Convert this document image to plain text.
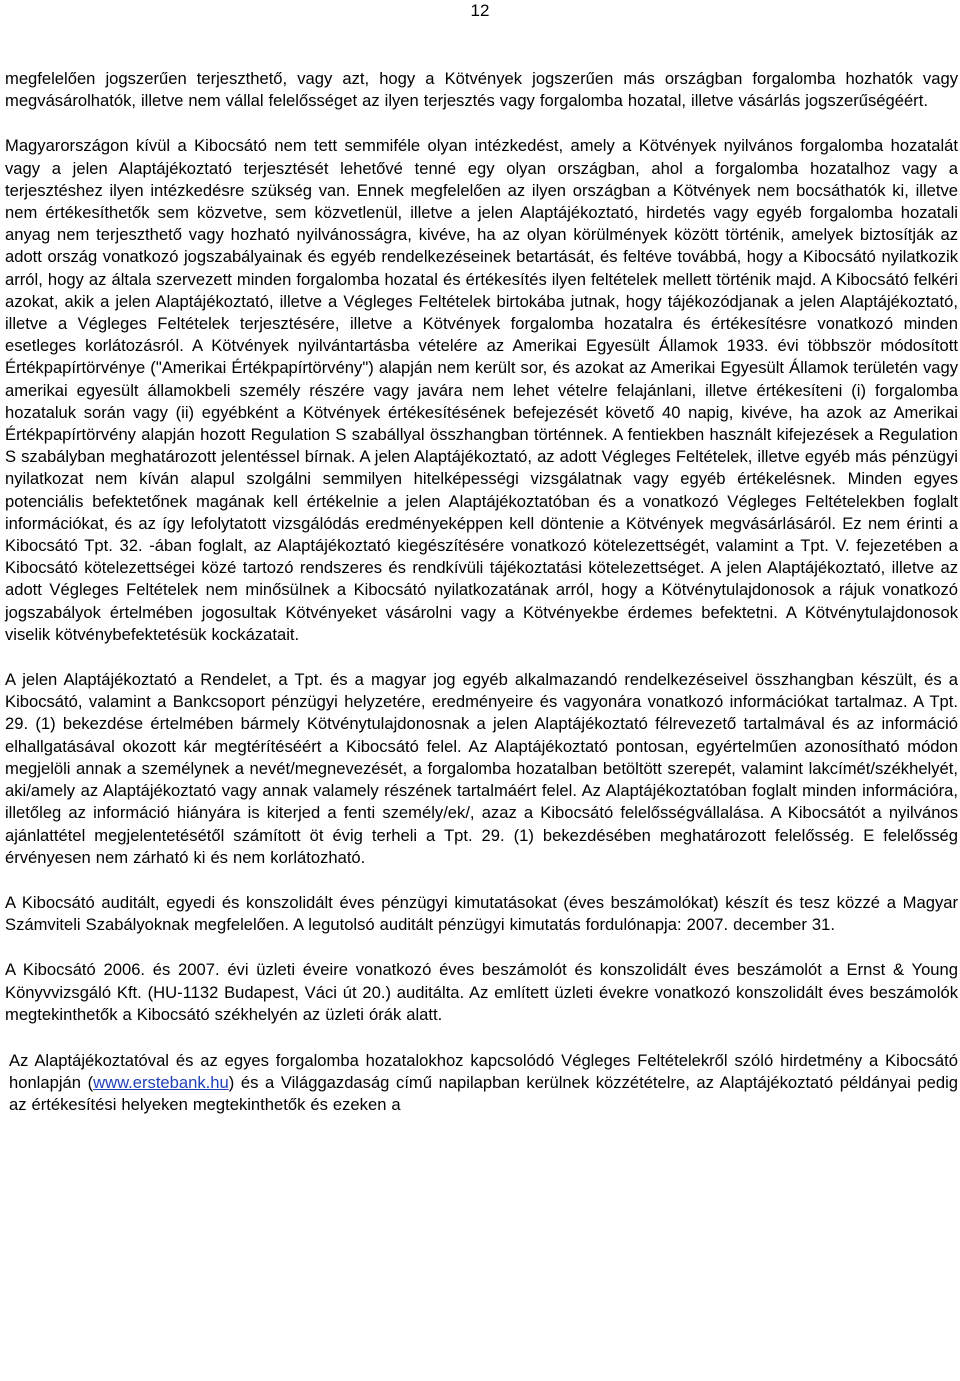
12

megfelelően jogszerűen terjeszthető, vagy azt, hogy a Kötvények jogszerűen más országban forgalomba hozhatók vagy megvásárolhatók, illetve nem vállal felelősséget az ilyen terjesztés vagy forgalomba hozatal, illetve vásárlás jogszerűségéért.

Magyarországon kívül a Kibocsátó nem tett semmiféle olyan intézkedést, amely a Kötvények nyilvános forgalomba hozatalát vagy a jelen Alaptájékoztató terjesztését lehetővé tenné egy olyan országban, ahol a forgalomba hozatalhoz vagy a terjesztéshez ilyen intézkedésre szükség van. Ennek megfelelően az ilyen országban a Kötvények nem bocsáthatók ki, illetve nem értékesíthetők sem közvetve, sem közvetlenül, illetve a jelen Alaptájékoztató, hirdetés vagy egyéb forgalomba hozatali anyag nem terjeszthető vagy hozható nyilvánosságra, kivéve, ha az olyan körülmények között történik, amelyek biztosítják az adott ország vonatkozó jogszabályainak és egyéb rendelkezéseinek betartását, és feltéve továbbá, hogy a Kibocsátó nyilatkozik arról, hogy az általa szervezett minden forgalomba hozatal és értékesítés ilyen feltételek mellett történik majd. A Kibocsátó felkéri azokat, akik a jelen Alaptájékoztató, illetve a Végleges Feltételek birtokába jutnak, hogy tájékozódjanak a jelen Alaptájékoztató, illetve a Végleges Feltételek terjesztésére, illetve a Kötvények forgalomba hozatalra és értékesítésre vonatkozó minden esetleges korlátozásról. A Kötvények nyilvántartásba vételére az Amerikai Egyesült Államok 1933. évi többször módosított Értékpapírtörvénye ("Amerikai Értékpapírtörvény") alapján nem került sor, és azokat az Amerikai Egyesült Államok területén vagy amerikai egyesült államokbeli személy részére vagy javára nem lehet vételre felajánlani, illetve értékesíteni (i) forgalomba hozataluk során vagy (ii) egyébként a Kötvények értékesítésének befejezését követő 40 napig, kivéve, ha azok az Amerikai Értékpapírtörvény alapján hozott Regulation S szabállyal összhangban történnek. A fentiekben használt kifejezések a Regulation S szabályban meghatározott jelentéssel bírnak. A jelen Alaptájékoztató, az adott Végleges Feltételek, illetve egyéb más pénzügyi nyilatkozat nem kíván alapul szolgálni semmilyen hitelképességi vizsgálatnak vagy egyéb értékelésnek. Minden egyes potenciális befektetőnek magának kell értékelnie a jelen Alaptájékoztatóban és a vonatkozó Végleges Feltételekben foglalt információkat, és az így lefolytatott vizsgálódás eredményeképpen kell döntenie a Kötvények megvásárlásáról. Ez nem érinti a Kibocsátó Tpt. 32. -ában foglalt, az Alaptájékoztató kiegészítésére vonatkozó kötelezettségét, valamint a Tpt. V. fejezetében a Kibocsátó kötelezettségei közé tartozó rendszeres és rendkívüli tájékoztatási kötelezettséget. A jelen Alaptájékoztató, illetve az adott Végleges Feltételek nem minősülnek a Kibocsátó nyilatkozatának arról, hogy a Kötvénytulajdonosok a rájuk vonatkozó jogszabályok értelmében jogosultak Kötvényeket vásárolni vagy a Kötvényekbe érdemes befektetni. A Kötvénytulajdonosok viselik kötvénybefektetésük kockázatait.

A jelen Alaptájékoztató a Rendelet, a Tpt. és a magyar jog egyéb alkalmazandó rendelkezéseivel összhangban készült, és a Kibocsátó, valamint a Bankcsoport pénzügyi helyzetére, eredményeire és vagyonára vonatkozó információkat tartalmaz. A Tpt. 29. (1) bekezdése értelmében bármely Kötvénytulajdonosnak a jelen Alaptájékoztató félrevezető tartalmával és az információ elhallgatásával okozott kár megtérítéséért a Kibocsátó felel. Az Alaptájékoztató pontosan, egyértelműen azonosítható módon megjelöli annak a személynek a nevét/megnevezését, a forgalomba hozatalban betöltött szerepét, valamint lakcímét/székhelyét, aki/amely az Alaptájékoztató vagy annak valamely részének tartalmáért felel. Az Alaptájékoztatóban foglalt minden információra, illetőleg az információ hiányára is kiterjed a fenti személy/ek/, azaz a Kibocsátó felelősségvállalása. A Kibocsátót a nyilvános ajánlattétel megjelentetésétől számított öt évig terheli a Tpt. 29. (1) bekezdésében meghatározott felelősség. E felelősség érvényesen nem zárható ki és nem korlátozható.

A Kibocsátó auditált, egyedi és konszolidált éves pénzügyi kimutatásokat (éves beszámolókat) készít és tesz közzé a Magyar Számviteli Szabályoknak megfelelően. A legutolsó auditált pénzügyi kimutatás fordulónapja: 2007. december 31.

A Kibocsátó 2006. és 2007. évi üzleti éveire vonatkozó éves beszámolót és konszolidált éves beszámolót a Ernst & Young Könyvvizsgáló Kft. (HU-1132 Budapest, Váci út 20.) auditálta. Az említett üzleti évekre vonatkozó konszolidált éves beszámolók megtekinthetők a Kibocsátó székhelyén az üzleti órák alatt.

Az Alaptájékoztatóval és az egyes forgalomba hozatalokhoz kapcsolódó Végleges Feltételekről szóló hirdetmény a Kibocsátó honlapján (www.erstebank.hu) és a Világgazdaság című napilapban kerülnek közzétételre, az Alaptájékoztató példányai pedig az értékesítési helyeken megtekinthetők és ezeken a
